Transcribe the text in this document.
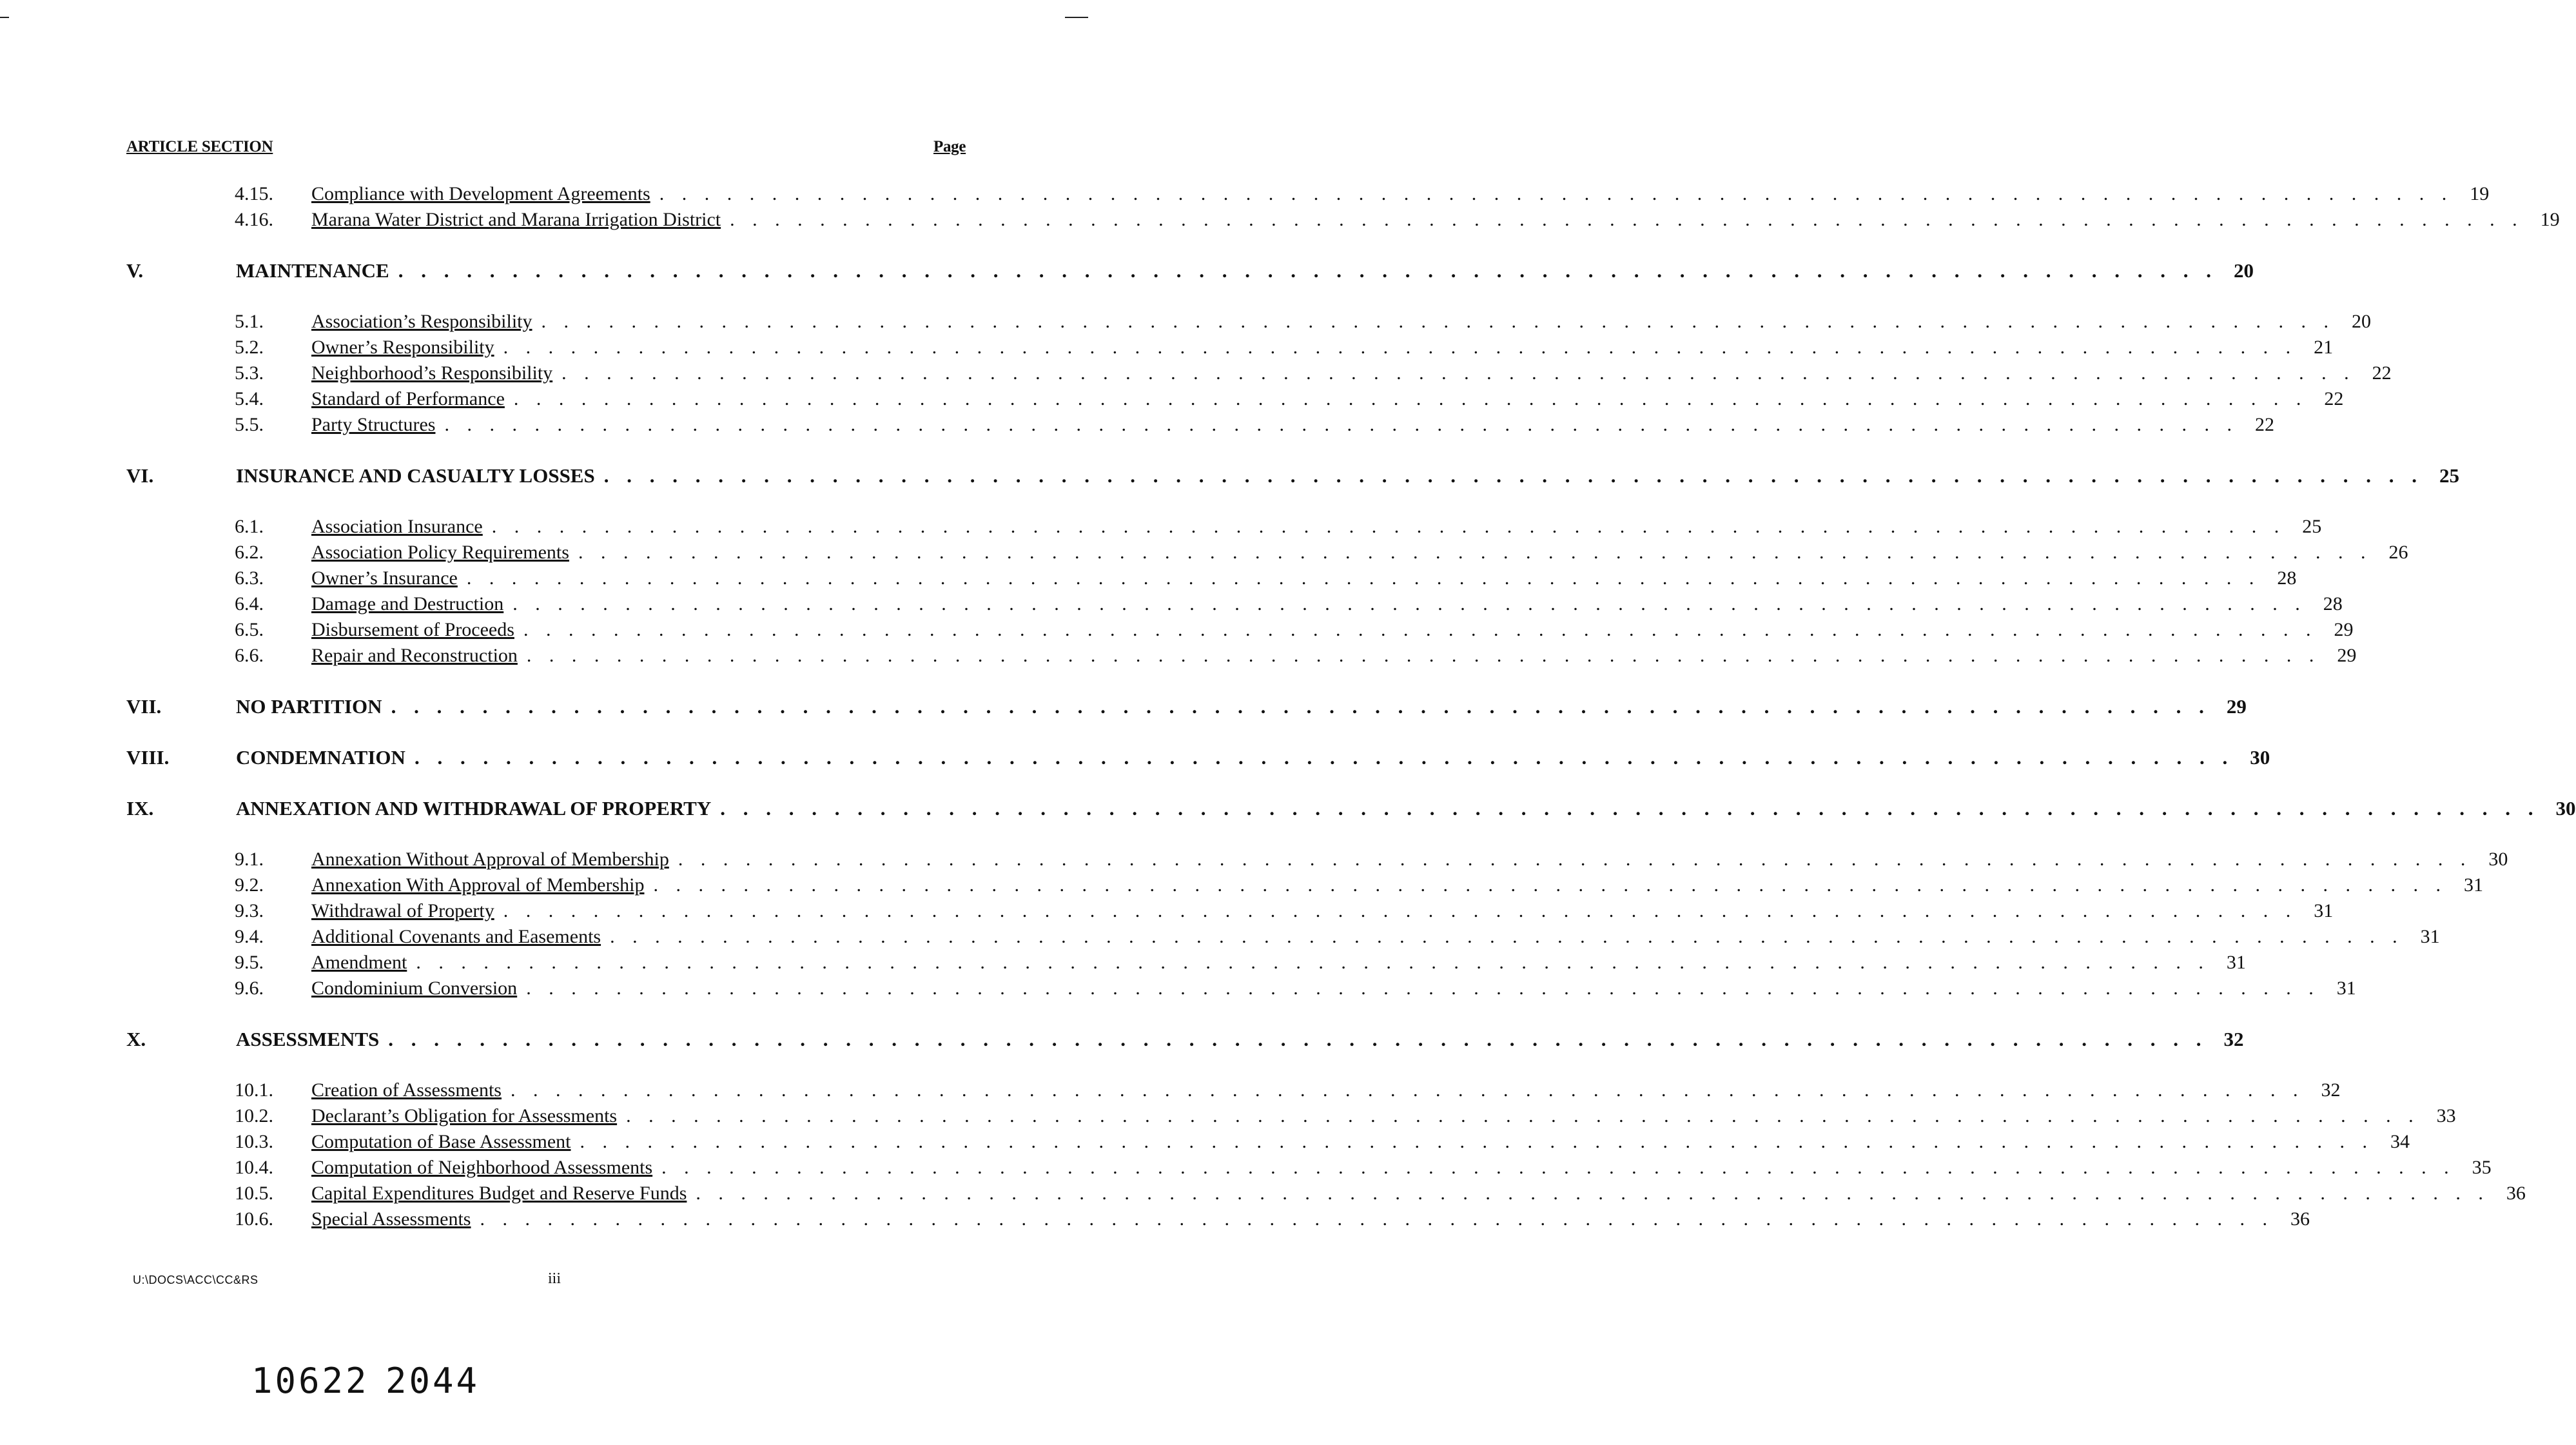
ARTICLE SECTION	Page
4.15. Compliance with Development Agreements . . . . . . . . . . . . . . . . . . . . . . . . . . . . . . . . . . . . . . . . . . . . . . . . . . . . . . . . . . . . . . . . . . . . . . . . . . . . . . . . 19
4.16. Marana Water District and Marana Irrigation District . . . . . . . . . . . . . . . . . . . . . . . . . . . . . . . . . . . . . . . . . . . . . . . . . . . . . . . . . . . . . . . . . . . . . . . . . . . . . . . . 19
V.	MAINTENANCE . . . . . . . . . . . . . . . . . . . . . . . . . . . . . . . . . . . . . . . . . . . . . . . . . . . . . . . . . . . . . . . . . . . . . . . . . . . . . . . . 20
5.1. Association’s Responsibility . . . . . . . . . . . . . . . . . . . . . . . . . . . . . . . . . . . . . . . . . . . . . . . . . . . . . . . . . . . . . . . . . . . . . . . . . . . . . . . . 20
5.2. Owner’s Responsibility . . . . . . . . . . . . . . . . . . . . . . . . . . . . . . . . . . . . . . . . . . . . . . . . . . . . . . . . . . . . . . . . . . . . . . . . . . . . . . . . 21
5.3. Neighborhood’s Responsibility . . . . . . . . . . . . . . . . . . . . . . . . . . . . . . . . . . . . . . . . . . . . . . . . . . . . . . . . . . . . . . . . . . . . . . . . . . . . . . . . 22
5.4. Standard of Performance . . . . . . . . . . . . . . . . . . . . . . . . . . . . . . . . . . . . . . . . . . . . . . . . . . . . . . . . . . . . . . . . . . . . . . . . . . . . . . . . 22
5.5. Party Structures . . . . . . . . . . . . . . . . . . . . . . . . . . . . . . . . . . . . . . . . . . . . . . . . . . . . . . . . . . . . . . . . . . . . . . . . . . . . . . . . 22
VI.	INSURANCE AND CASUALTY LOSSES . . . . . . . . . . . . . . . . . . . . . . . . . . . . . . . . . . . . . . . . . . . . . . . . . . . . . . . . . . . . . . . . . . . . . . . . . . . . . . . . 25
6.1. Association Insurance . . . . . . . . . . . . . . . . . . . . . . . . . . . . . . . . . . . . . . . . . . . . . . . . . . . . . . . . . . . . . . . . . . . . . . . . . . . . . . . . 25
6.2. Association Policy Requirements . . . . . . . . . . . . . . . . . . . . . . . . . . . . . . . . . . . . . . . . . . . . . . . . . . . . . . . . . . . . . . . . . . . . . . . . . . . . . . . . 26
6.3. Owner’s Insurance . . . . . . . . . . . . . . . . . . . . . . . . . . . . . . . . . . . . . . . . . . . . . . . . . . . . . . . . . . . . . . . . . . . . . . . . . . . . . . . . 28
6.4. Damage and Destruction . . . . . . . . . . . . . . . . . . . . . . . . . . . . . . . . . . . . . . . . . . . . . . . . . . . . . . . . . . . . . . . . . . . . . . . . . . . . . . . . 28
6.5. Disbursement of Proceeds . . . . . . . . . . . . . . . . . . . . . . . . . . . . . . . . . . . . . . . . . . . . . . . . . . . . . . . . . . . . . . . . . . . . . . . . . . . . . . . . 29
6.6. Repair and Reconstruction . . . . . . . . . . . . . . . . . . . . . . . . . . . . . . . . . . . . . . . . . . . . . . . . . . . . . . . . . . . . . . . . . . . . . . . . . . . . . . . . 29
VII.	NO PARTITION . . . . . . . . . . . . . . . . . . . . . . . . . . . . . . . . . . . . . . . . . . . . . . . . . . . . . . . . . . . . . . . . . . . . . . . . . . . . . . . . 29
VIII.	CONDEMNATION . . . . . . . . . . . . . . . . . . . . . . . . . . . . . . . . . . . . . . . . . . . . . . . . . . . . . . . . . . . . . . . . . . . . . . . . . . . . . . . . 30
IX.	ANNEXATION AND WITHDRAWAL OF PROPERTY . . . . . . . . . . . . . . . . . . . . . . . . . . . . . . . . . . . . . . . . . . . . . . . . . . . . . . . . . . . . . . . . . . . . . . . . . . . . . . . . 30
9.1. Annexation Without Approval of Membership . . . . . . . . . . . . . . . . . . . . . . . . . . . . . . . . . . . . . . . . . . . . . . . . . . . . . . . . . . . . . . . . . . . . . . . . . . . . . . . . 30
9.2. Annexation With Approval of Membership . . . . . . . . . . . . . . . . . . . . . . . . . . . . . . . . . . . . . . . . . . . . . . . . . . . . . . . . . . . . . . . . . . . . . . . . . . . . . . . . 31
9.3. Withdrawal of Property . . . . . . . . . . . . . . . . . . . . . . . . . . . . . . . . . . . . . . . . . . . . . . . . . . . . . . . . . . . . . . . . . . . . . . . . . . . . . . . . 31
9.4. Additional Covenants and Easements . . . . . . . . . . . . . . . . . . . . . . . . . . . . . . . . . . . . . . . . . . . . . . . . . . . . . . . . . . . . . . . . . . . . . . . . . . . . . . . . 31
9.5. Amendment . . . . . . . . . . . . . . . . . . . . . . . . . . . . . . . . . . . . . . . . . . . . . . . . . . . . . . . . . . . . . . . . . . . . . . . . . . . . . . . . 31
9.6. Condominium Conversion . . . . . . . . . . . . . . . . . . . . . . . . . . . . . . . . . . . . . . . . . . . . . . . . . . . . . . . . . . . . . . . . . . . . . . . . . . . . . . . . 31
X.	ASSESSMENTS . . . . . . . . . . . . . . . . . . . . . . . . . . . . . . . . . . . . . . . . . . . . . . . . . . . . . . . . . . . . . . . . . . . . . . . . . . . . . . . . 32
10.1. Creation of Assessments . . . . . . . . . . . . . . . . . . . . . . . . . . . . . . . . . . . . . . . . . . . . . . . . . . . . . . . . . . . . . . . . . . . . . . . . . . . . . . . . 32
10.2. Declarant’s Obligation for Assessments . . . . . . . . . . . . . . . . . . . . . . . . . . . . . . . . . . . . . . . . . . . . . . . . . . . . . . . . . . . . . . . . . . . . . . . . . . . . . . . . 33
10.3. Computation of Base Assessment . . . . . . . . . . . . . . . . . . . . . . . . . . . . . . . . . . . . . . . . . . . . . . . . . . . . . . . . . . . . . . . . . . . . . . . . . . . . . . . . 34
10.4. Computation of Neighborhood Assessments . . . . . . . . . . . . . . . . . . . . . . . . . . . . . . . . . . . . . . . . . . . . . . . . . . . . . . . . . . . . . . . . . . . . . . . . . . . . . . . . 35
10.5. Capital Expenditures Budget and Reserve Funds . . . . . . . . . . . . . . . . . . . . . . . . . . . . . . . . . . . . . . . . . . . . . . . . . . . . . . . . . . . . . . . . . . . . . . . . . . . . . . . . 36
10.6. Special Assessments . . . . . . . . . . . . . . . . . . . . . . . . . . . . . . . . . . . . . . . . . . . . . . . . . . . . . . . . . . . . . . . . . . . . . . . . . . . . . . . . 36
U:\DOCS\ACC\CC&RS	iii
10622 2044
